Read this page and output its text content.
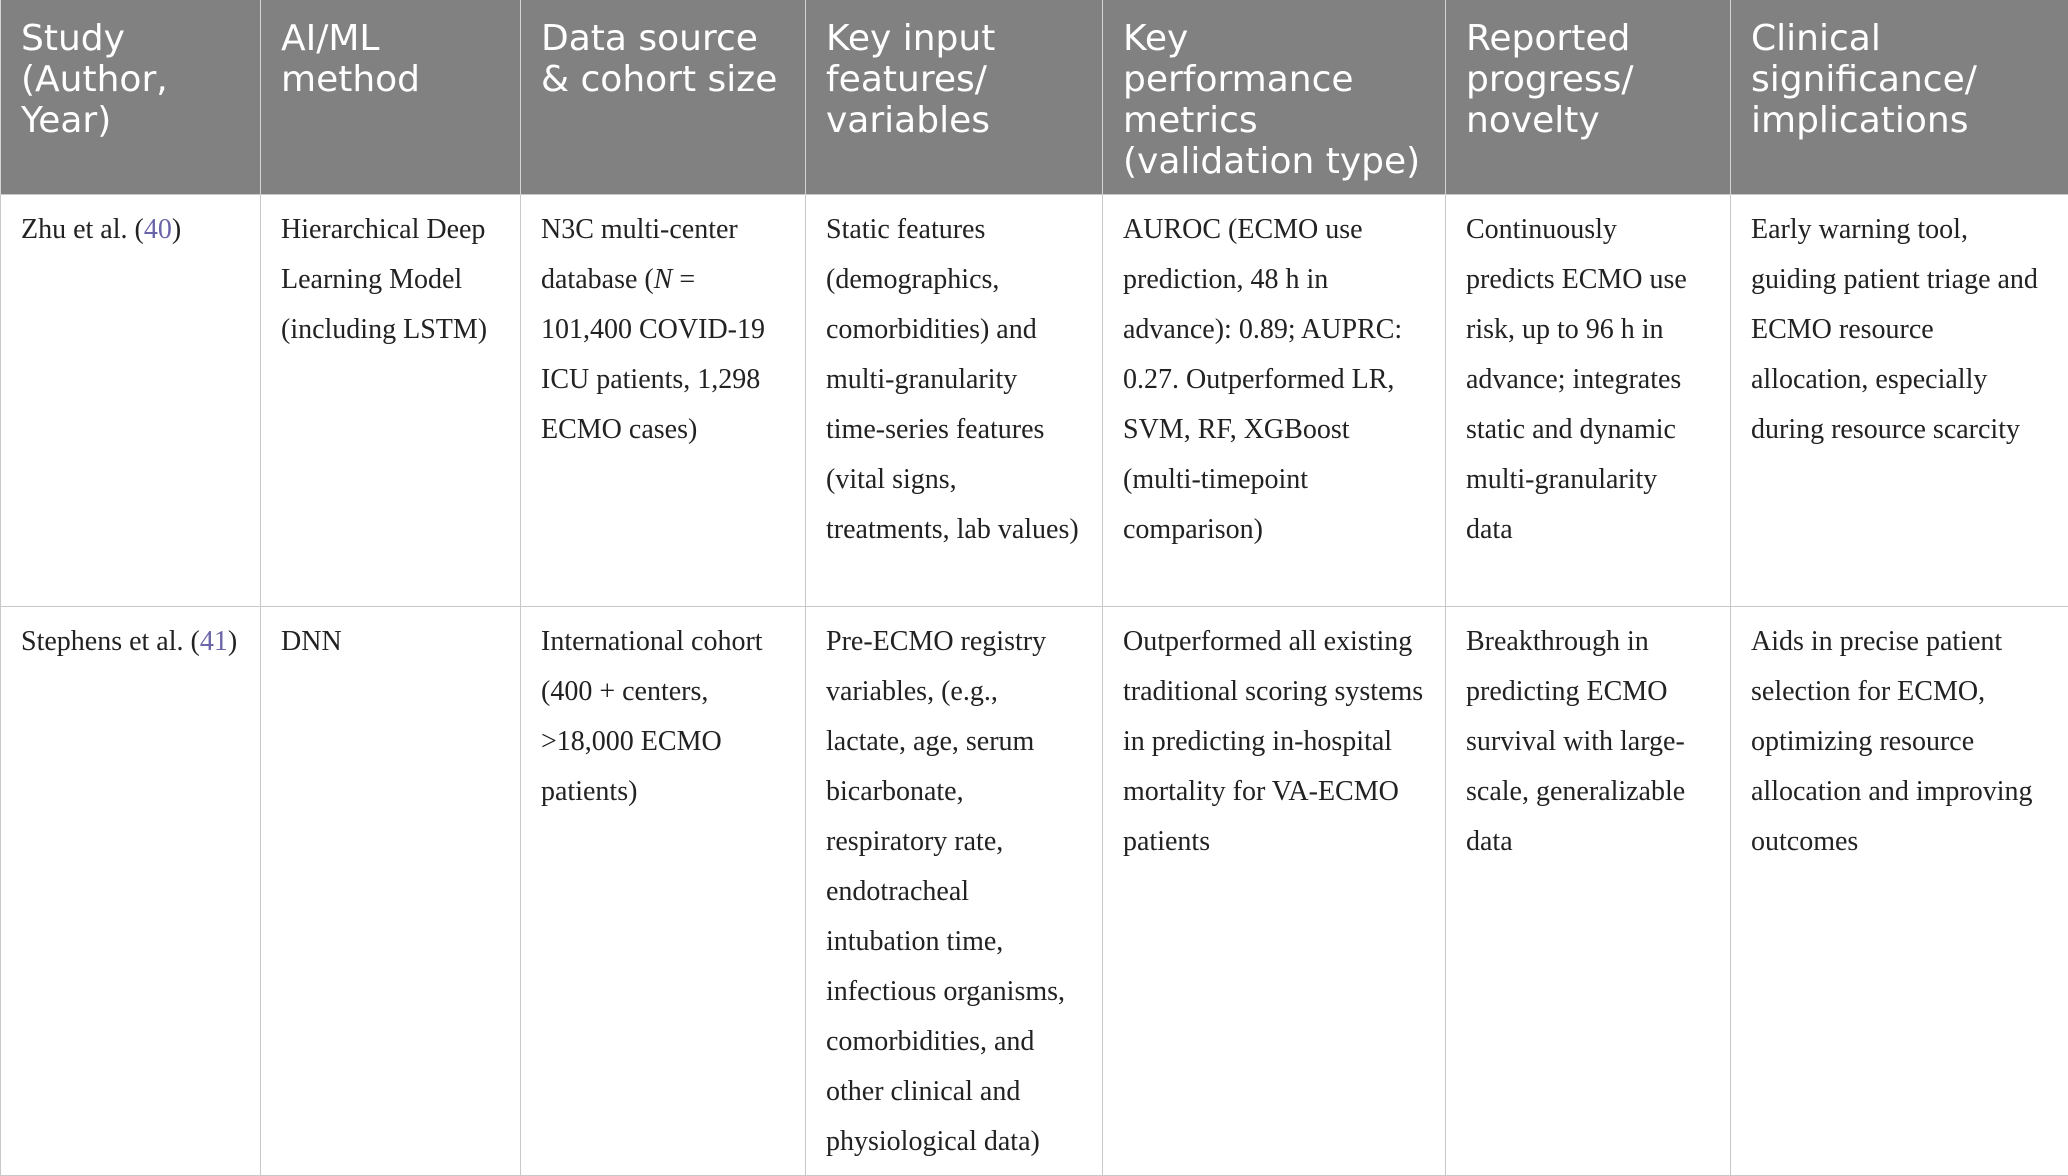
Study (Author, Year)	AI/ML method	Data source & cohort size	Key input features/ variables	Key performance metrics (validation type)	Reported progress/ novelty	Clinical significance/ implications
Zhu et al. (40)	Hierarchical Deep Learning Model (including LSTM)	N3C multi-center database (N = 101,400 COVID-19 ICU patients, 1,298 ECMO cases)	Static features (demographics, comorbidities) and multi-granularity time-series features (vital signs, treatments, lab values)	AUROC (ECMO use prediction, 48 h in advance): 0.89; AUPRC: 0.27. Outperformed LR, SVM, RF, XGBoost (multi-timepoint comparison)	Continuously predicts ECMO use risk, up to 96 h in advance; integrates static and dynamic multi-granularity data	Early warning tool, guiding patient triage and ECMO resource allocation, especially during resource scarcity
Stephens et al. (41)	DNN	International cohort (400 + centers, >18,000 ECMO patients)	Pre-ECMO registry variables, (e.g., lactate, age, serum bicarbonate, respiratory rate, endotracheal intubation time, infectious organisms, comorbidities, and other clinical and physiological data)	Outperformed all existing traditional scoring systems in predicting in-hospital mortality for VA-ECMO patients	Breakthrough in predicting ECMO survival with large-scale, generalizable data	Aids in precise patient selection for ECMO, optimizing resource allocation and improving outcomes
